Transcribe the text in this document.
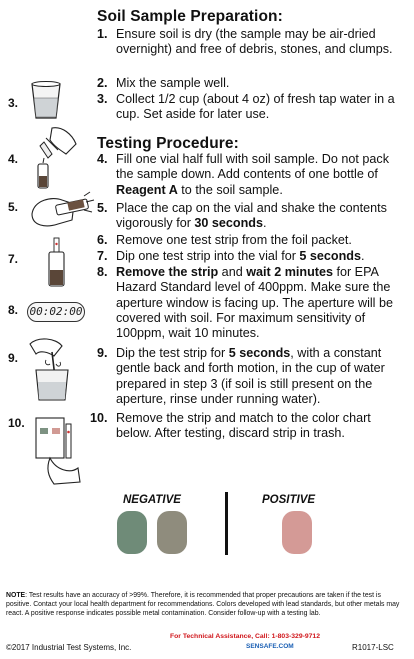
Soil Sample Preparation:
1. Ensure soil is dry (the sample may be air-dried overnight) and free of debris, stones, and clumps.
2. Mix the sample well.
3. Collect 1/2 cup (about 4 oz) of fresh tap water in a cup. Set aside for later use.
Testing Procedure:
4. Fill one vial half full with soil sample. Do not pack the sample down. Add contents of one bottle of Reagent A to the soil sample.
5. Place the cap on the vial and shake the contents vigorously for 30 seconds.
6. Remove one test strip from the foil packet.
7. Dip one test strip into the vial for 5 seconds.
8. Remove the strip and wait 2 minutes for EPA Hazard Standard level of 400ppm. Make sure the aperture window is facing up. The aperture will be covered with soil. For maximum sensitivity of 100ppm, wait 10 minutes.
9. Dip the test strip for 5 seconds, with a constant gentle back and forth motion, in the cup of water prepared in step 3 (if soil is still present on the aperture, rinse under running water).
10. Remove the strip and match to the color chart below. After testing, discard strip in trash.
3.
4.
5.
7.
8.
9.
10.
00:02:00
NEGATIVE	POSITIVE
NOTE: Test results have an accuracy of >99%. Therefore, it is recommended that proper precautions are taken if the test is positive. Contact your local health department for recommendations. Colors developed with lead standards, but other metals may react. A positive response indicates possible metal contamination. Consider follow-up with a testing lab.
©2017 Industrial Test Systems, Inc.
For Technical Assistance, Call: 1-803-329-9712
SENSAFE.COM	R1017-LSC
